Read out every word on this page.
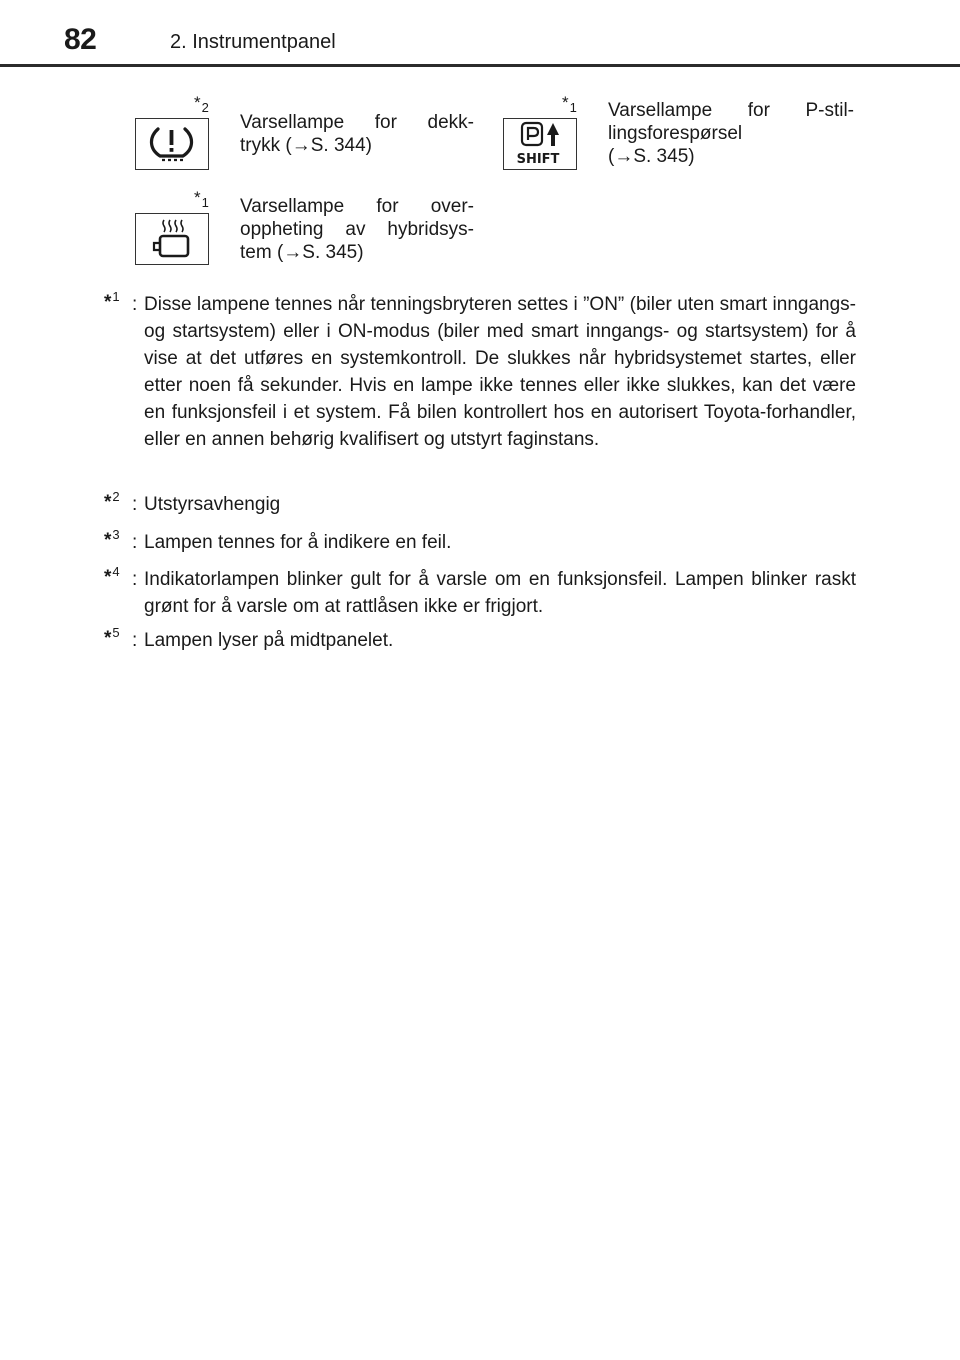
82	2. Instrumentpanel
$*_2$
Varsellampe for dekk-
trykk (→S. 344)
SHIFT
$*_1$ Varsellampe for P-stil-
lingsforespørsel
(→S. 345)
$*_1$ Varsellampe for over-
oppheting av hybridsys-
tem (→S. 345)
*$^1$ : Disse lampene tennes når tenningsbryteren settes i ”ON” (biler uten smart inngangs- og startsystem) eller i ON-modus (biler med smart inngangs- og startsystem) for å vise at det utføres en systemkontroll. De slukkes når hybridsystemet startes, eller etter noen få sekunder. Hvis en lampe ikke tennes eller ikke slukkes, kan det være en funksjonsfeil i et system. Få bilen kontrollert hos en autorisert Toyota-forhandler, eller en annen behørig kvalifisert og utstyrt faginstans.
*$^2$ : Utstyrsavhengig
*$^3$ : Lampen tennes for å indikere en feil.
*$^4$ : Indikatorlampen blinker gult for å varsle om en funksjonsfeil. Lampen blinker raskt grønt for å varsle om at rattlåsen ikke er frigjort.
*$^5$ : Lampen lyser på midtpanelet.
